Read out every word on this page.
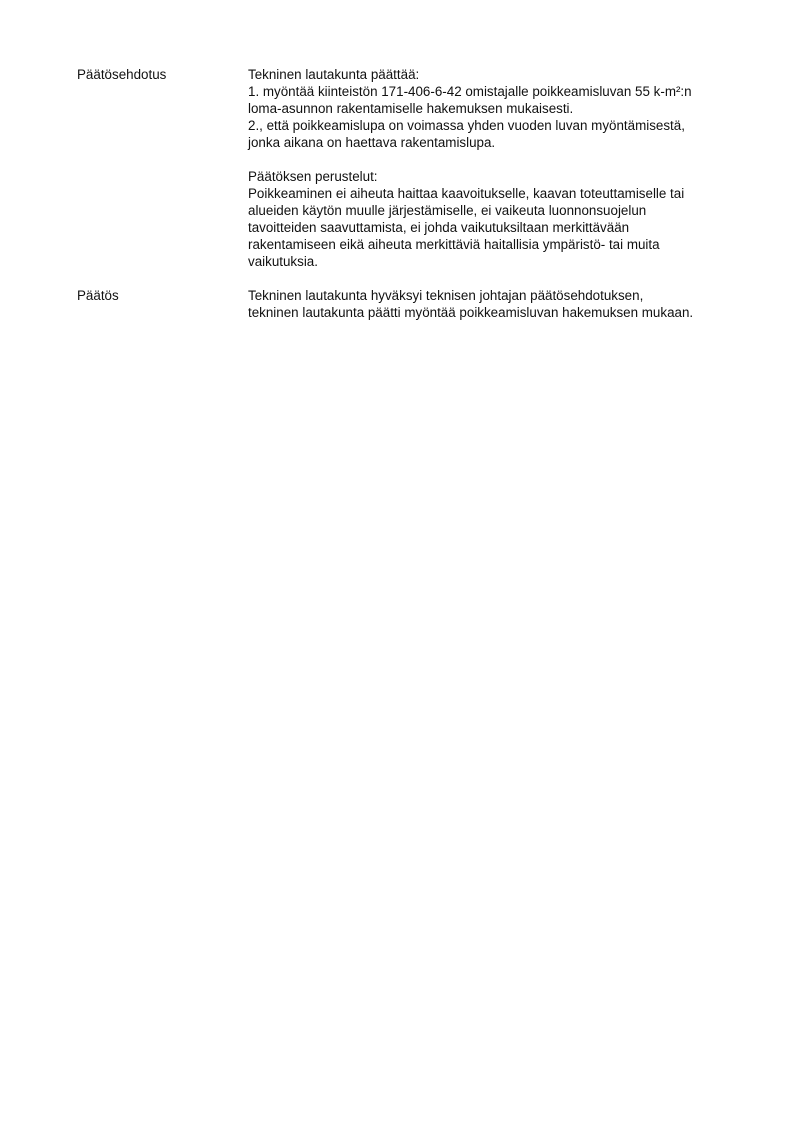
Päätösehdotus	Tekninen lautakunta päättää:
1. myöntää kiinteistön 171-406-6-42 omistajalle poikkeamisluvan 55 k-m²:n
loma-asunnon rakentamiselle hakemuksen mukaisesti.
2., että poikkeamislupa on voimassa yhden vuoden luvan myöntämisestä,
jonka aikana on haettava rakentamislupa.
Päätöksen perustelut:
Poikkeaminen ei aiheuta haittaa kaavoitukselle, kaavan toteuttamiselle tai
alueiden käytön muulle järjestämiselle, ei vaikeuta luonnonsuojelun
tavoitteiden saavuttamista, ei johda vaikutuksiltaan merkittävään
rakentamiseen eikä aiheuta merkittäviä haitallisia ympäristö- tai muita
vaikutuksia.
Päätös	Tekninen lautakunta hyväksyi teknisen johtajan päätösehdotuksen,
tekninen lautakunta päätti myöntää poikkeamisluvan hakemuksen mukaan.
